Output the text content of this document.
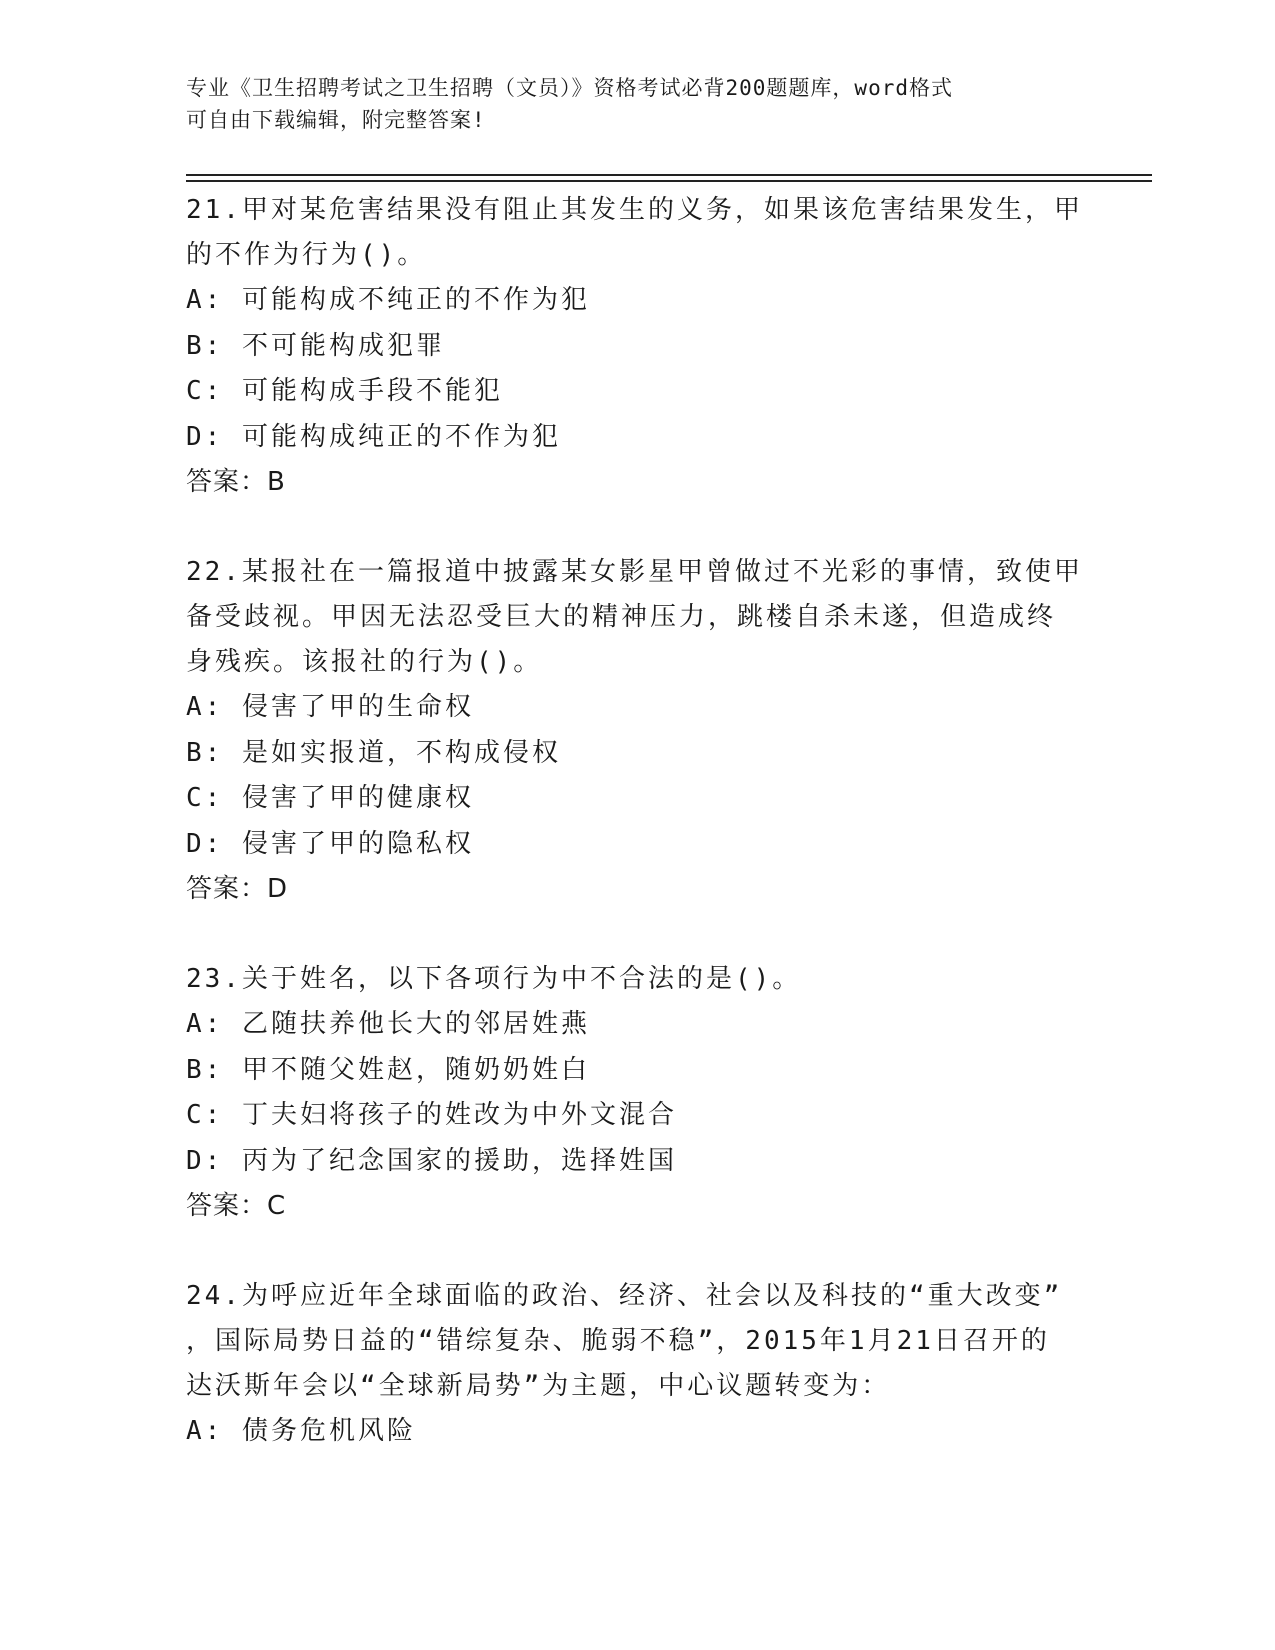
专业《卫生招聘考试之卫生招聘（文员）》资格考试必背200题题库，word格式
可自由下载编辑，附完整答案!
21.甲对某危害结果没有阻止其发生的义务，如果该危害结果发生，甲
的不作为行为()。
A: 可能构成不纯正的不作为犯
B: 不可能构成犯罪
C: 可能构成手段不能犯
D: 可能构成纯正的不作为犯
答案：B
22.某报社在一篇报道中披露某女影星甲曾做过不光彩的事情，致使甲
备受歧视。甲因无法忍受巨大的精神压力，跳楼自杀未遂，但造成终
身残疾。该报社的行为()。
A: 侵害了甲的生命权
B: 是如实报道，不构成侵权
C: 侵害了甲的健康权
D: 侵害了甲的隐私权
答案：D
23.关于姓名，以下各项行为中不合法的是()。
A: 乙随扶养他长大的邻居姓燕
B: 甲不随父姓赵，随奶奶姓白
C: 丁夫妇将孩子的姓改为中外文混合
D: 丙为了纪念国家的援助，选择姓国
答案：C
24.为呼应近年全球面临的政治、经济、社会以及科技的“重大改变”
，国际局势日益的“错综复杂、脆弱不稳”，2015年1月21日召开的
达沃斯年会以“全球新局势”为主题，中心议题转变为：
A: 债务危机风险
